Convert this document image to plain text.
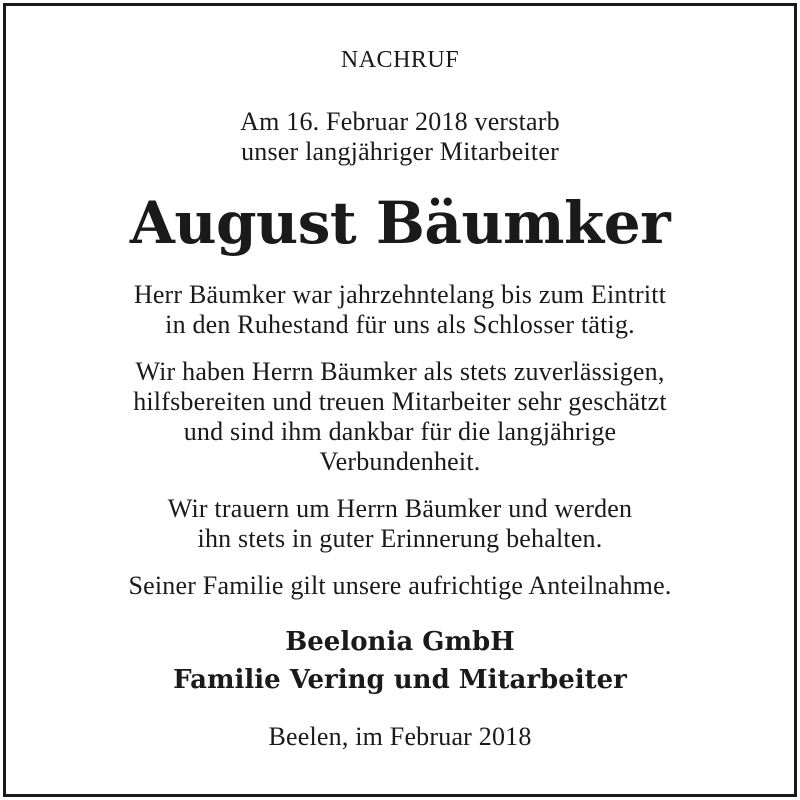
NACHRUF
Am 16. Februar 2018 verstarb
unser langjähriger Mitarbeiter
August Bäumker
Herr Bäumker war jahrzehntelang bis zum Eintritt
in den Ruhestand für uns als Schlosser tätig.
Wir haben Herrn Bäumker als stets zuverlässigen,
hilfsbereiten und treuen Mitarbeiter sehr geschätzt
und sind ihm dankbar für die langjährige
Verbundenheit.
Wir trauern um Herrn Bäumker und werden
ihn stets in guter Erinnerung behalten.
Seiner Familie gilt unsere aufrichtige Anteilnahme.
Beelonia GmbH
Familie Vering und Mitarbeiter
Beelen, im Februar 2018
